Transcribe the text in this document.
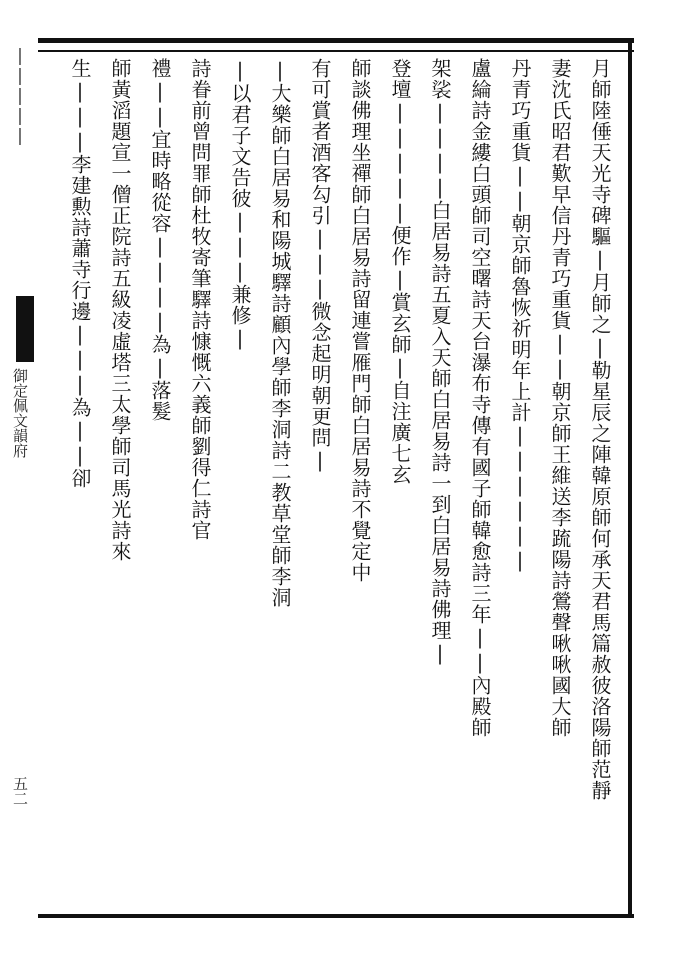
|||||
御定佩文韻府
五二	月師陸倕天光寺碑驅|月師之|勒星辰之陣韓原師何承天君馬篇赦彼洛陽師范靜
妻沈氏昭君歎早信丹青巧重貨||朝京師王維送李䟽陽詩鶯聲啾啾國大師
丹青巧重貨||朝京師魯恢祈明年上計||||||
盧綸詩金縷白頭師司空曙詩天台瀑布寺傳有國子師韓愈詩三年||內殿師
架裟||||白居易詩五夏入天師白居易詩一到白居易詩佛理|
登壇|||||便作|賞玄師|自注廣七玄
師談佛理坐禪師白居易詩留連嘗雁門師白居易詩不覺定中
有可賞者酒客勾引|||微念起明朝更問|
|大樂師白居易和陽城驛詩顧內學師李洞詩二教草堂師李洞
|以君子文告彼|||兼修|
詩眷前曾問罪師杜牧寄筆驛詩慷慨六義師劉得仁詩官
禮||宜時略從容||||為|落髮
師黃滔題宣一僧正院詩五級凌虛塔三太學師司馬光詩來
生|||李建勲詩蕭寺行邊|||為||卻
